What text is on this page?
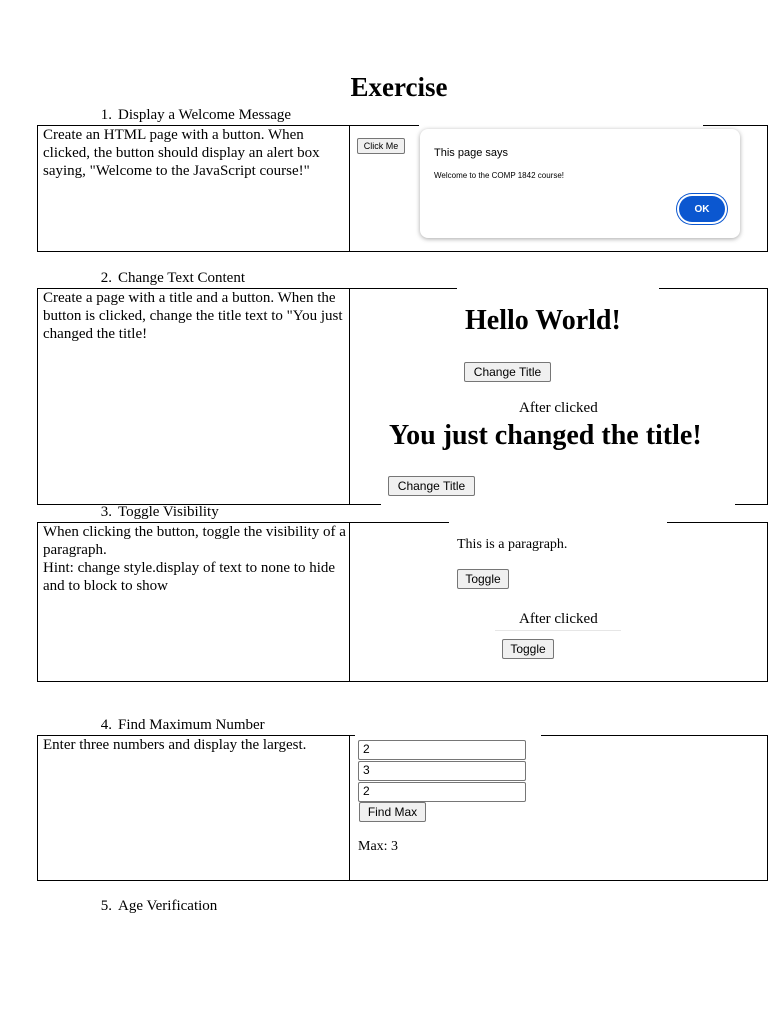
Exercise
1. Display a Welcome Message
Create an HTML page with a button. When clicked, the button should display an alert box saying, "Welcome to the JavaScript course!"
Click Me
This page says
Welcome to the COMP 1842 course!
OK
2. Change Text Content
Create a page with a title and a button. When the button is clicked, change the title text to "You just changed the title!	Hello World!
Change Title
After clicked
You just changed the title!
Change Title
3. Toggle Visibility
When clicking the button, toggle the visibility of a paragraph.
Hint: change style.display of text to none to hide and to block to show
This is a paragraph.
Toggle
After clicked
Toggle
4. Find Maximum Number
Enter three numbers and display the largest.	2
3
2
Find Max
Max: 3
5. Age Verification
